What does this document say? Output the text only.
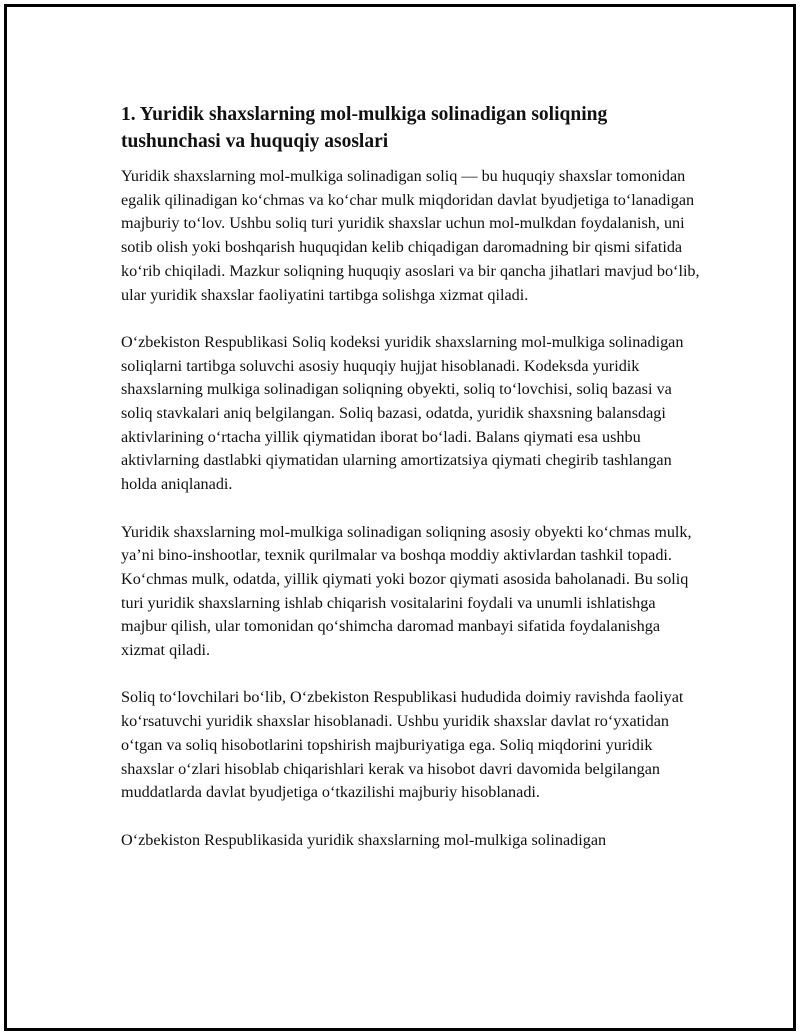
1. Yuridik shaxslarning mol-mulkiga solinadigan soliqning tushunchasi va huquqiy asoslari

Yuridik shaxslarning mol-mulkiga solinadigan soliq — bu huquqiy shaxslar tomonidan egalik qilinadigan ko‘chmas va ko‘char mulk miqdoridan davlat byudjetiga to‘lanadigan majburiy to‘lov. Ushbu soliq turi yuridik shaxslar uchun mol-mulkdan foydalanish, uni sotib olish yoki boshqarish huquqidan kelib chiqadigan daromadning bir qismi sifatida ko‘rib chiqiladi. Mazkur soliqning huquqiy asoslari va bir qancha jihatlari mavjud bo‘lib, ular yuridik shaxslar faoliyatini tartibga solishga xizmat qiladi.

O‘zbekiston Respublikasi Soliq kodeksi yuridik shaxslarning mol-mulkiga solinadigan soliqlarni tartibga soluvchi asosiy huquqiy hujjat hisoblanadi. Kodeksda yuridik shaxslarning mulkiga solinadigan soliqning obyekti, soliq to‘lovchisi, soliq bazasi va soliq stavkalari aniq belgilangan. Soliq bazasi, odatda, yuridik shaxsning balansdagi aktivlarining o‘rtacha yillik qiymatidan iborat bo‘ladi. Balans qiymati esa ushbu aktivlarning dastlabki qiymatidan ularning amortizatsiya qiymati chegirib tashlangan holda aniqlanadi.

Yuridik shaxslarning mol-mulkiga solinadigan soliqning asosiy obyekti ko‘chmas mulk, ya’ni bino-inshootlar, texnik qurilmalar va boshqa moddiy aktivlardan tashkil topadi. Ko‘chmas mulk, odatda, yillik qiymati yoki bozor qiymati asosida baholanadi. Bu soliq turi yuridik shaxslarning ishlab chiqarish vositalarini foydali va unumli ishlatishga majbur qilish, ular tomonidan qo‘shimcha daromad manbayi sifatida foydalanishga xizmat qiladi.

Soliq to‘lovchilari bo‘lib, O‘zbekiston Respublikasi hududida doimiy ravishda faoliyat ko‘rsatuvchi yuridik shaxslar hisoblanadi. Ushbu yuridik shaxslar davlat ro‘yxatidan o‘tgan va soliq hisobotlarini topshirish majburiyatiga ega. Soliq miqdorini yuridik shaxslar o‘zlari hisoblab chiqarishlari kerak va hisobot davri davomida belgilangan muddatlarda davlat byudjetiga o‘tkazilishi majburiy hisoblanadi.

O‘zbekiston Respublikasida yuridik shaxslarning mol-mulkiga solinadigan
